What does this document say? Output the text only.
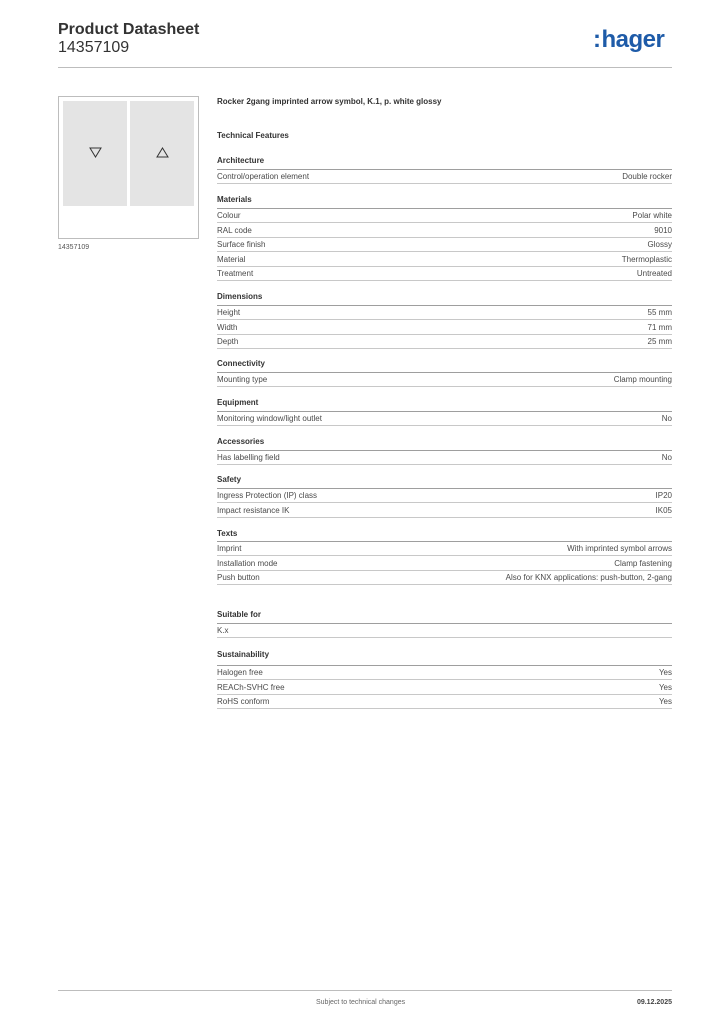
Product Datasheet
14357109	:hager
14357109
Rocker 2gang imprinted arrow symbol, K.1, p. white glossy
Technical Features
Architecture
Control/operation element	Double rocker
Materials
Colour	Polar white
RAL code	9010
Surface finish	Glossy
Material	Thermoplastic
Treatment	Untreated
Dimensions
Height	55 mm
Width	71 mm
Depth	25 mm
Connectivity
Mounting type	Clamp mounting
Equipment
Monitoring window/light outlet	No
Accessories
Has labelling field	No
Safety
Ingress Protection (IP) class	IP20
Impact resistance IK	IK05
Texts
Imprint	With imprinted symbol arrows
Installation mode	Clamp fastening
Push button	Also for KNX applications: push-button, 2-gang
Suitable for
K.x
Sustainability
Halogen free	Yes
REACh-SVHC free	Yes
RoHS conform	Yes
Subject to technical changes	09.12.2025
